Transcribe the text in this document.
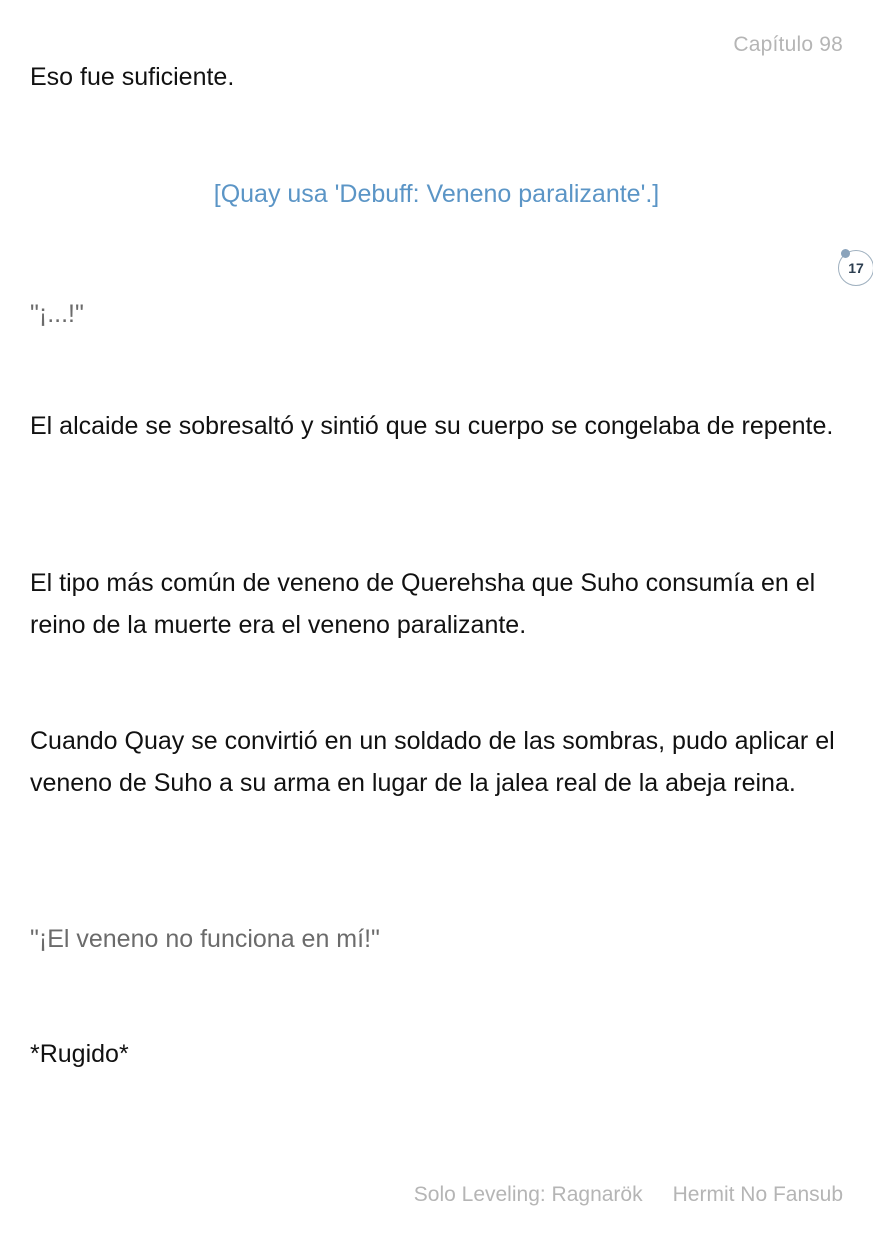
Capítulo 98

Eso fue suficiente.

[Quay usa 'Debuff: Veneno paralizante'.]

17

"¡...!"

El alcaide se sobresaltó y sintió que su cuerpo se congelaba de repente.

El tipo más común de veneno de Querehsha que Suho consumía en el reino de la muerte era el veneno paralizante.

Cuando Quay se convirtió en un soldado de las sombras, pudo aplicar el veneno de Suho a su arma en lugar de la jalea real de la abeja reina.

"¡El veneno no funciona en mí!"

*Rugido*

Solo Leveling: Ragnarök Hermit No Fansub
